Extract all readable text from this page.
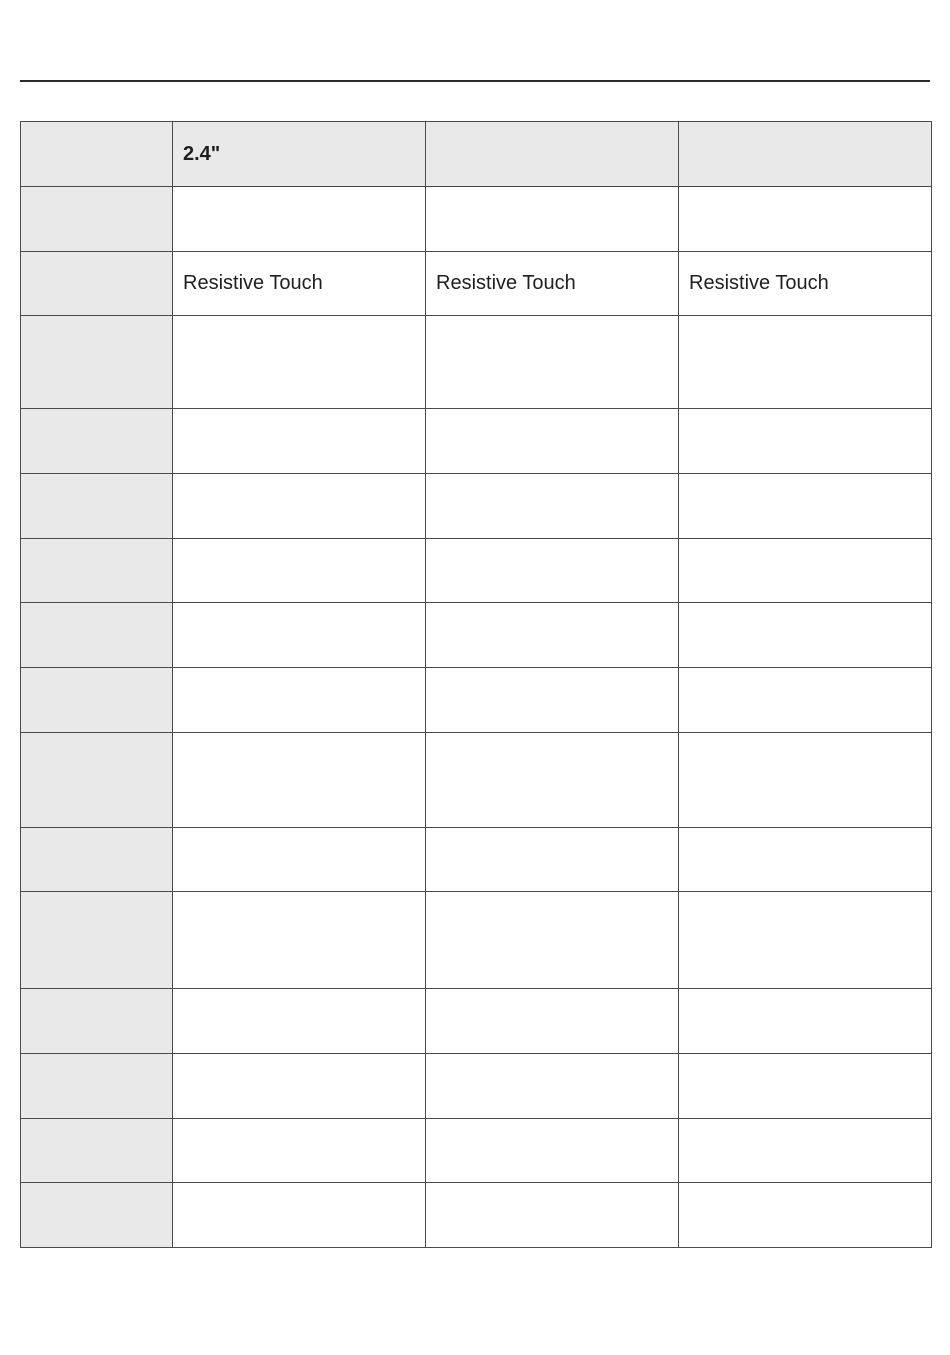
	2.4"		

	Resistive Touch	Resistive Touch	Resistive Touch
